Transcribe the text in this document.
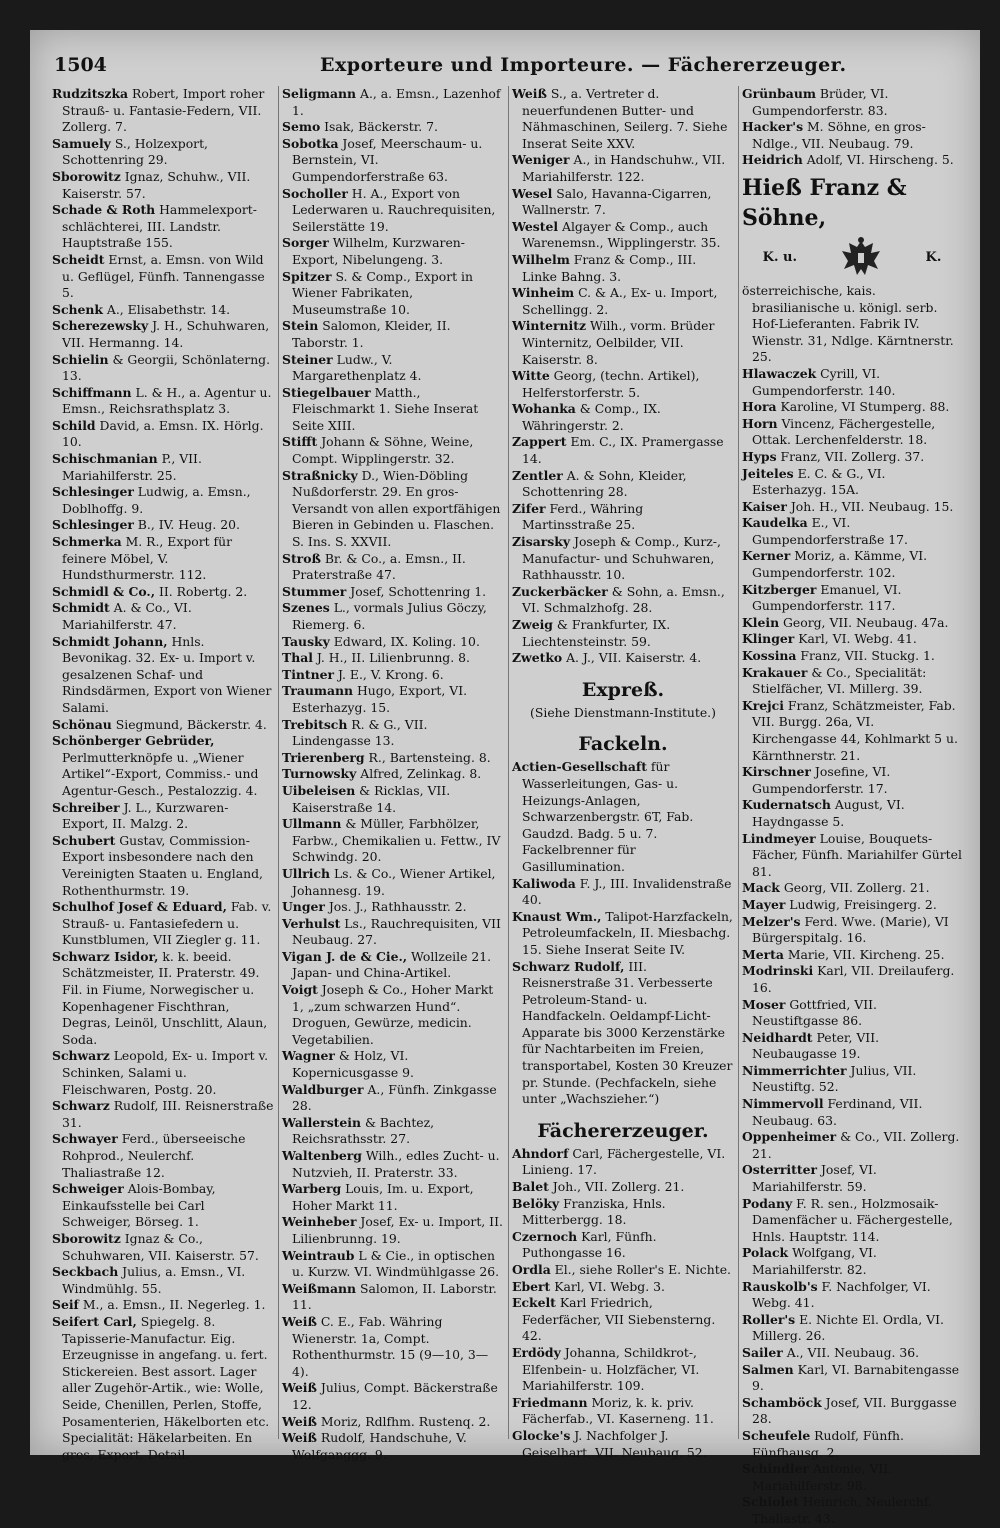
1504	Exporteure und Importeure. — Fächererzeuger.

Rudzitszka Robert, Import roher Strauß- u. Fantasie-Federn, VII. Zollerg. 7.

Samuely S., Holzexport, Schottenring 29.

Sborowitz Ignaz, Schuhw., VII. Kaiserstr. 57.

Schade & Roth Hammelexport-schlächterei, III. Landstr. Hauptstraße 155.

Scheidt Ernst, a. Emsn. von Wild u. Geflügel, Fünfh. Tannengasse 5.

Schenk A., Elisabethstr. 14.

Scherezewsky J. H., Schuhwaren, VII. Hermanng. 14.

Schielin & Georgii, Schönlaterng. 13.

Schiffmann L. & H., a. Agentur u. Emsn., Reichsrathsplatz 3.

Schild David, a. Emsn. IX. Hörlg. 10.

Schischmanian P., VII. Mariahilferstr. 25.

Schlesinger Ludwig, a. Emsn., Doblhoffg. 9.

Schlesinger B., IV. Heug. 20.

Schmerka M. R., Export für feinere Möbel, V. Hundsthurmerstr. 112.

Schmidl & Co., II. Robertg. 2.

Schmidt A. & Co., VI. Mariahilferstr. 47.

Schmidt Johann, Hnls. Bevonikag. 32. Ex- u. Import v. gesalzenen Schaf- und Rindsdärmen, Export von Wiener Salami.

Schönau Siegmund, Bäckerstr. 4.

Schönberger Gebrüder, Perlmutterknöpfe u. „Wiener Artikel“-Export, Commiss.- und Agentur-Gesch., Pestalozzig. 4.

Schreiber J. L., Kurzwaren-Export, II. Malzg. 2.

Schubert Gustav, Commission-Export insbesondere nach den Vereinigten Staaten u. England, Rothenthurmstr. 19.

Schulhof Josef & Eduard, Fab. v. Strauß- u. Fantasiefedern u. Kunstblumen, VII Ziegler g. 11.

Schwarz Isidor, k. k. beeid. Schätzmeister, II. Praterstr. 49. Fil. in Fiume, Norwegischer u. Kopenhagener Fischthran, Degras, Leinöl, Unschlitt, Alaun, Soda.

Schwarz Leopold, Ex- u. Import v. Schinken, Salami u. Fleischwaren, Postg. 20.

Schwarz Rudolf, III. Reisnerstraße 31.

Schwayer Ferd., überseeische Rohprod., Neulerchf. Thaliastraße 12.

Schweiger Alois-Bombay, Einkaufsstelle bei Carl Schweiger, Börseg. 1.

Sborowitz Ignaz & Co., Schuhwaren, VII. Kaiserstr. 57.

Seckbach Julius, a. Emsn., VI. Windmühlg. 55.

Seif M., a. Emsn., II. Negerleg. 1.

Seifert Carl, Spiegelg. 8. Tapisserie-Manufactur. Eig. Erzeugnisse in angefang. u. fert. Stickereien. Best assort. Lager aller Zugehör-Artik., wie: Wolle, Seide, Chenillen, Perlen, Stoffe, Posamenterien, Häkelborten etc. Specialität: Häkelarbeiten. En gros, Export, Detail.

Seligmann A., a. Emsn., Lazenhof 1.

Semo Isak, Bäckerstr. 7.

Sobotka Josef, Meerschaum- u. Bernstein, VI. Gumpendorferstraße 63.

Socholler H. A., Export von Lederwaren u. Rauchrequisiten, Seilerstätte 19.

Sorger Wilhelm, Kurzwaren-Export, Nibelungeng. 3.

Spitzer S. & Comp., Export in Wiener Fabrikaten, Museumstraße 10.

Stein Salomon, Kleider, II. Taborstr. 1.

Steiner Ludw., V. Margarethenplatz 4.

Stiegelbauer Matth., Fleischmarkt 1. Siehe Inserat Seite XIII.

Stifft Johann & Söhne, Weine, Compt. Wipplingerstr. 32.

Straßnicky D., Wien-Döbling Nußdorferstr. 29. En gros-Versandt von allen exportfähigen Bieren in Gebinden u. Flaschen. S. Ins. S. XXVII.

Stroß Br. & Co., a. Emsn., II. Praterstraße 47.

Stummer Josef, Schottenring 1.

Szenes L., vormals Julius Göczy, Riemerg. 6.

Tausky Edward, IX. Koling. 10.

Thal J. H., II. Lilienbrunng. 8.

Tintner J. E., V. Krong. 6.

Traumann Hugo, Export, VI. Esterhazyg. 15.

Trebitsch R. & G., VII. Lindengasse 13.

Trierenberg R., Bartensteing. 8.

Turnowsky Alfred, Zelinkag. 8.

Uibeleisen & Ricklas, VII. Kaiserstraße 14.

Ullmann & Müller, Farbhölzer, Farbw., Chemikalien u. Fettw., IV Schwindg. 20.

Ullrich Ls. & Co., Wiener Artikel, Johannesg. 19.

Unger Jos. J., Rathhausstr. 2.

Verhulst Ls., Rauchrequisiten, VII Neubaug. 27.

Vigan J. de & Cie., Wollzeile 21. Japan- und China-Artikel.

Voigt Joseph & Co., Hoher Markt 1, „zum schwarzen Hund“. Droguen, Gewürze, medicin. Vegetabilien.

Wagner & Holz, VI. Kopernicusgasse 9.

Waldburger A., Fünfh. Zinkgasse 28.

Wallerstein & Bachtez, Reichsrathsstr. 27.

Waltenberg Wilh., edles Zucht- u. Nutzvieh, II. Praterstr. 33.

Warberg Louis, Im. u. Export, Hoher Markt 11.

Weinheber Josef, Ex- u. Import, II. Lilienbrunng. 19.

Weintraub L & Cie., in optischen u. Kurzw. VI. Windmühlgasse 26.

Weißmann Salomon, II. Laborstr. 11.

Weiß C. E., Fab. Währing Wienerstr. 1a, Compt. Rothenthurmstr. 15 (9—10, 3—4).

Weiß Julius, Compt. Bäckerstraße 12.

Weiß Moriz, Rdlfhm. Rustenq. 2.

Weiß Rudolf, Handschuhe, V. Wolfganggg. 9.

Weiß S., a. Vertreter d. neuerfundenen Butter- und Nähmaschinen, Seilerg. 7. Siehe Inserat Seite XXV.

Weniger A., in Handschuhw., VII. Mariahilferstr. 122.

Wesel Salo, Havanna-Cigarren, Wallnerstr. 7.

Westel Algayer & Comp., auch Warenemsn., Wipplingerstr. 35.

Wilhelm Franz & Comp., III. Linke Bahng. 3.

Winheim C. & A., Ex- u. Import, Schellingg. 2.

Winternitz Wilh., vorm. Brüder Winternitz, Oelbilder, VII. Kaiserstr. 8.

Witte Georg, (techn. Artikel), Helferstorferstr. 5.

Wohanka & Comp., IX. Währingerstr. 2.

Zappert Em. C., IX. Pramergasse 14.

Zentler A. & Sohn, Kleider, Schottenring 28.

Zifer Ferd., Währing Martinsstraße 25.

Zisarsky Joseph & Comp., Kurz-, Manufactur- und Schuhwaren, Rathhausstr. 10.

Zuckerbäcker & Sohn, a. Emsn., VI. Schmalzhofg. 28.

Zweig & Frankfurter, IX. Liechtensteinstr. 59.

Zwetko A. J., VII. Kaiserstr. 4.

Expreß.
(Siehe Dienstmann-Institute.)
Fackeln.

Actien-Gesellschaft für Wasserleitungen, Gas- u. Heizungs-Anlagen, Schwarzenbergstr. 6T, Fab. Gaudzd. Badg. 5 u. 7. Fackelbrenner für Gasillumination.

Kaliwoda F. J., III. Invalidenstraße 40.

Knaust Wm., Talipot-Harzfackeln, Petroleumfackeln, II. Miesbachg. 15. Siehe Inserat Seite IV.

Schwarz Rudolf, III. Reisnerstraße 31. Verbesserte Petroleum-Stand- u. Handfackeln. Oeldampf-Licht-Apparate bis 3000 Kerzenstärke für Nachtarbeiten im Freien, transportabel, Kosten 30 Kreuzer pr. Stunde. (Pechfackeln, siehe unter „Wachszieher.“)

Fächererzeuger.

Ahndorf Carl, Fächergestelle, VI. Linieng. 17.

Balet Joh., VII. Zollerg. 21.

Belöky Franziska, Hnls. Mitterbergg. 18.

Czernoch Karl, Fünfh. Puthongasse 16.

Ordla El., siehe Roller's E. Nichte.

Ebert Karl, VI. Webg. 3.

Eckelt Karl Friedrich, Federfächer, VII Siebensterng. 42.

Erdödy Johanna, Schildkrot-, Elfenbein- u. Holzfächer, VI. Mariahilferstr. 109.

Friedmann Moriz, k. k. priv. Fächerfab., VI. Kaserneng. 11.

Glocke's J. Nachfolger J. Geiselhart, VII. Neubaug. 52.

Grünbaum Brüder, VI. Gumpendorferstr. 83.

Hacker's M. Söhne, en gros-Ndlge., VII. Neubaug. 79.

Heidrich Adolf, VI. Hirscheng. 5.

Hieß Franz & Söhne,
K. u.	K.

österreichische, kais. brasilianische u. königl. serb. Hof-Lieferanten. Fabrik IV. Wienstr. 31, Ndlge. Kärntnerstr. 25.

Hlawaczek Cyrill, VI. Gumpendorferstr. 140.

Hora Karoline, VI Stumperg. 88.

Horn Vincenz, Fächergestelle, Ottak. Lerchenfelderstr. 18.

Hyps Franz, VII. Zollerg. 37.

Jeiteles E. C. & G., VI. Esterhazyg. 15A.

Kaiser Joh. H., VII. Neubaug. 15.

Kaudelka E., VI. Gumpendorferstraße 17.

Kerner Moriz, a. Kämme, VI. Gumpendorferstr. 102.

Kitzberger Emanuel, VI. Gumpendorferstr. 117.

Klein Georg, VII. Neubaug. 47a.

Klinger Karl, VI. Webg. 41.

Kossina Franz, VII. Stuckg. 1.

Krakauer & Co., Specialität: Stielfächer, VI. Millerg. 39.

Krejci Franz, Schätzmeister, Fab. VII. Burgg. 26a, VI. Kirchengasse 44, Kohlmarkt 5 u. Kärnthnerstr. 21.

Kirschner Josefine, VI. Gumpendorferstr. 17.

Kudernatsch August, VI. Haydngasse 5.

Lindmeyer Louise, Bouquets-Fächer, Fünfh. Mariahilfer Gürtel 81.

Mack Georg, VII. Zollerg. 21.

Mayer Ludwig, Freisingerg. 2.

Melzer's Ferd. Wwe. (Marie), VI Bürgerspitalg. 16.

Merta Marie, VII. Kircheng. 25.

Modrinski Karl, VII. Dreilauferg. 16.

Moser Gottfried, VII. Neustiftgasse 86.

Neidhardt Peter, VII. Neubaugasse 19.

Nimmerrichter Julius, VII. Neustiftg. 52.

Nimmervoll Ferdinand, VII. Neubaug. 63.

Oppenheimer & Co., VII. Zollerg. 21.

Osterritter Josef, VI. Mariahilferstr. 59.

Podany F. R. sen., Holzmosaik-Damenfächer u. Fächergestelle, Hnls. Hauptstr. 114.

Polack Wolfgang, VI. Mariahilferstr. 82.

Rauskolb's F. Nachfolger, VI. Webg. 41.

Roller's E. Nichte El. Ordla, VI. Millerg. 26.

Sailer A., VII. Neubaug. 36.

Salmen Karl, VI. Barnabitengasse 9.

Schamböck Josef, VII. Burggasse 28.

Scheufele Rudolf, Fünfh. Fünfhausg. 2.

Schindler Antonie, VII. Mariahilferstr. 98.

Schiolet Heinrich, Neulerchf. Thaliastr. 43.
